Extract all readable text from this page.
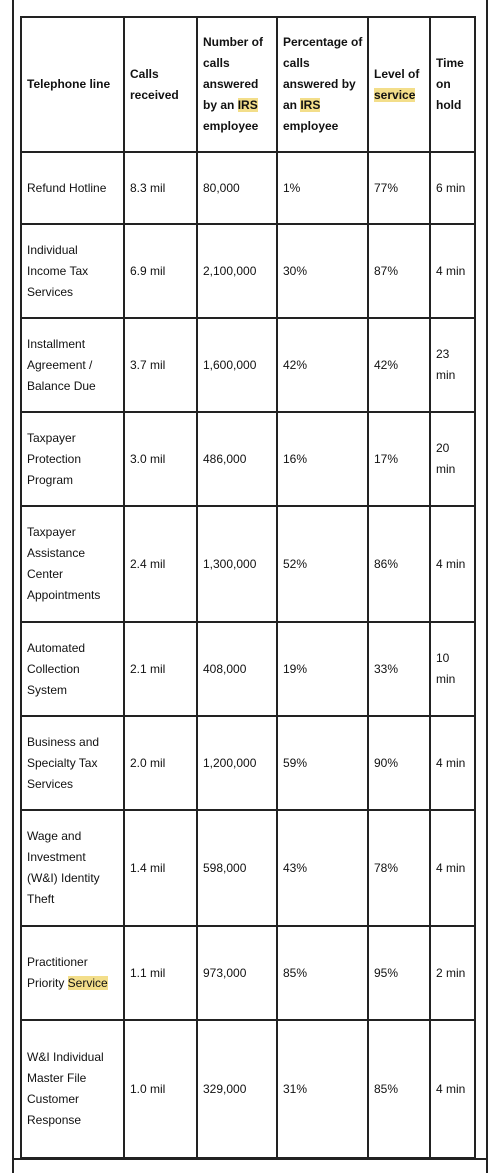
Telephone line	Calls received	Number of calls answered by an IRS employee	Percentage of calls answered by an IRS employee	Level of service	Time on hold
Refund Hotline	8.3 mil	80,000	1%	77%	6 min
Individual Income Tax Services	6.9 mil	2,100,000	30%	87%	4 min
Installment Agreement / Balance Due	3.7 mil	1,600,000	42%	42%	23 min
Taxpayer Protection Program	3.0 mil	486,000	16%	17%	20 min
Taxpayer Assistance Center Appointments	2.4 mil	1,300,000	52%	86%	4 min
Automated Collection System	2.1 mil	408,000	19%	33%	10 min
Business and Specialty Tax Services	2.0 mil	1,200,000	59%	90%	4 min
Wage and Investment (W&I) Identity Theft	1.4 mil	598,000	43%	78%	4 min
Practitioner Priority Service	1.1 mil	973,000	85%	95%	2 min
W&I Individual Master File Customer Response	1.0 mil	329,000	31%	85%	4 min
